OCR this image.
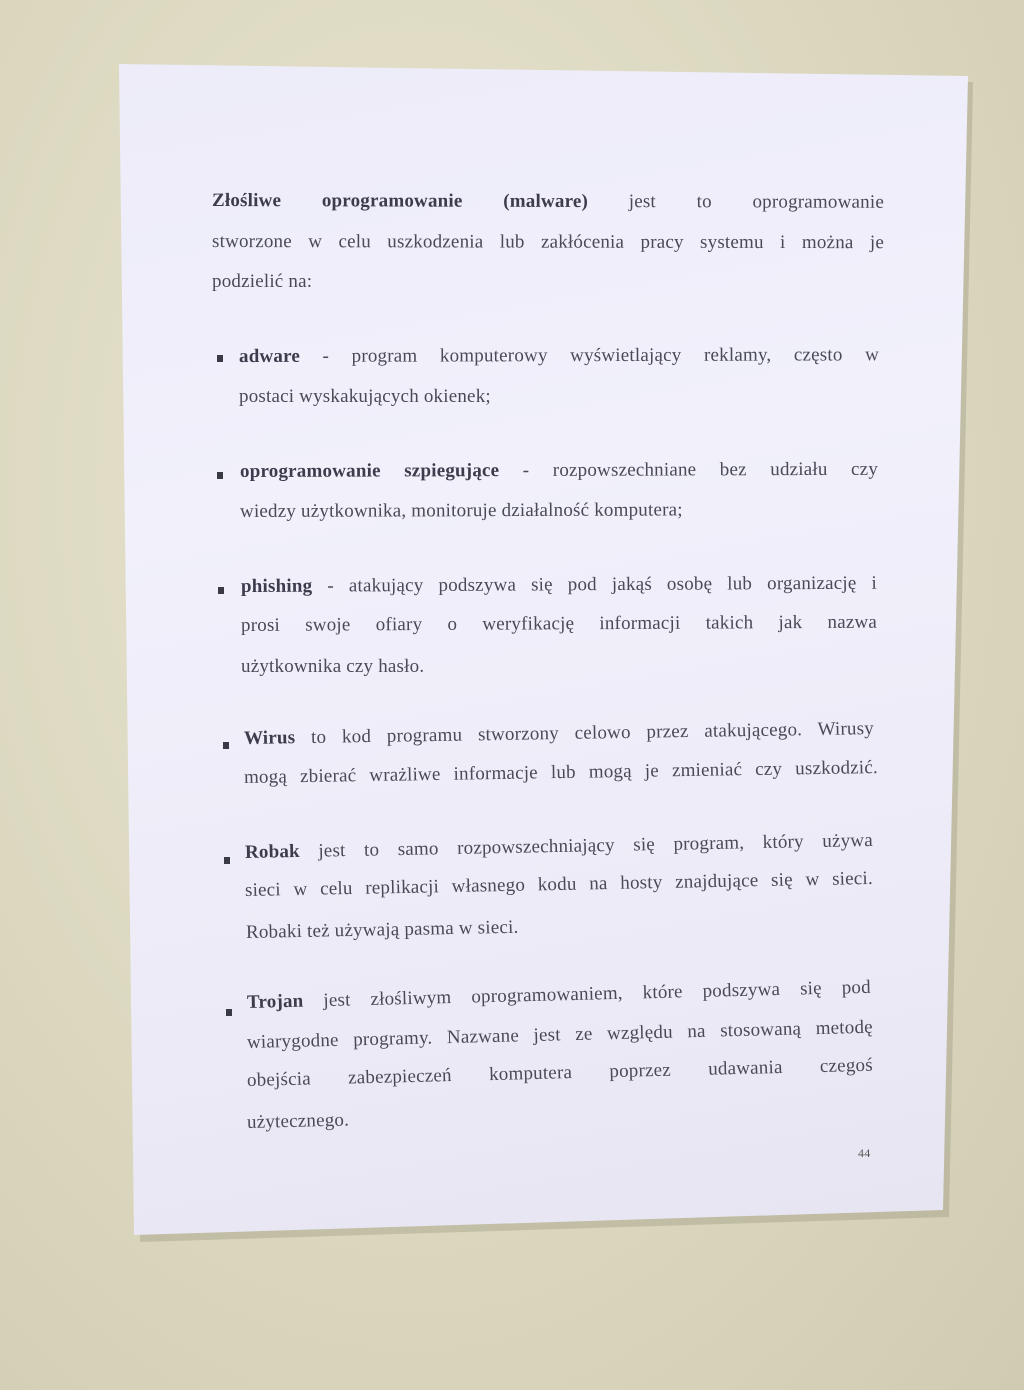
Złośliwe oprogramowanie (malware) jest to oprogramowanie
stworzone w celu uszkodzenia lub zakłócenia pracy systemu i można je
podzielić na:
adware - program komputerowy wyświetlający reklamy, często w
postaci wyskakujących okienek;
oprogramowanie szpiegujące - rozpowszechniane bez udziału czy
wiedzy użytkownika, monitoruje działalność komputera;
phishing - atakujący podszywa się pod jakąś osobę lub organizację i
prosi swoje ofiary o weryfikację informacji takich jak nazwa
użytkownika czy hasło.
Wirus to kod programu stworzony celowo przez atakującego. Wirusy
mogą zbierać wrażliwe informacje lub mogą je zmieniać czy uszkodzić.
Robak jest to samo rozpowszechniający się program, który używa
sieci w celu replikacji własnego kodu na hosty znajdujące się w sieci.
Robaki też używają pasma w sieci.
Trojan jest złośliwym oprogramowaniem, które podszywa się pod
wiarygodne programy. Nazwane jest ze względu na stosowaną metodę
obejścia zabezpieczeń komputera poprzez udawania czegoś
użytecznego.
44
